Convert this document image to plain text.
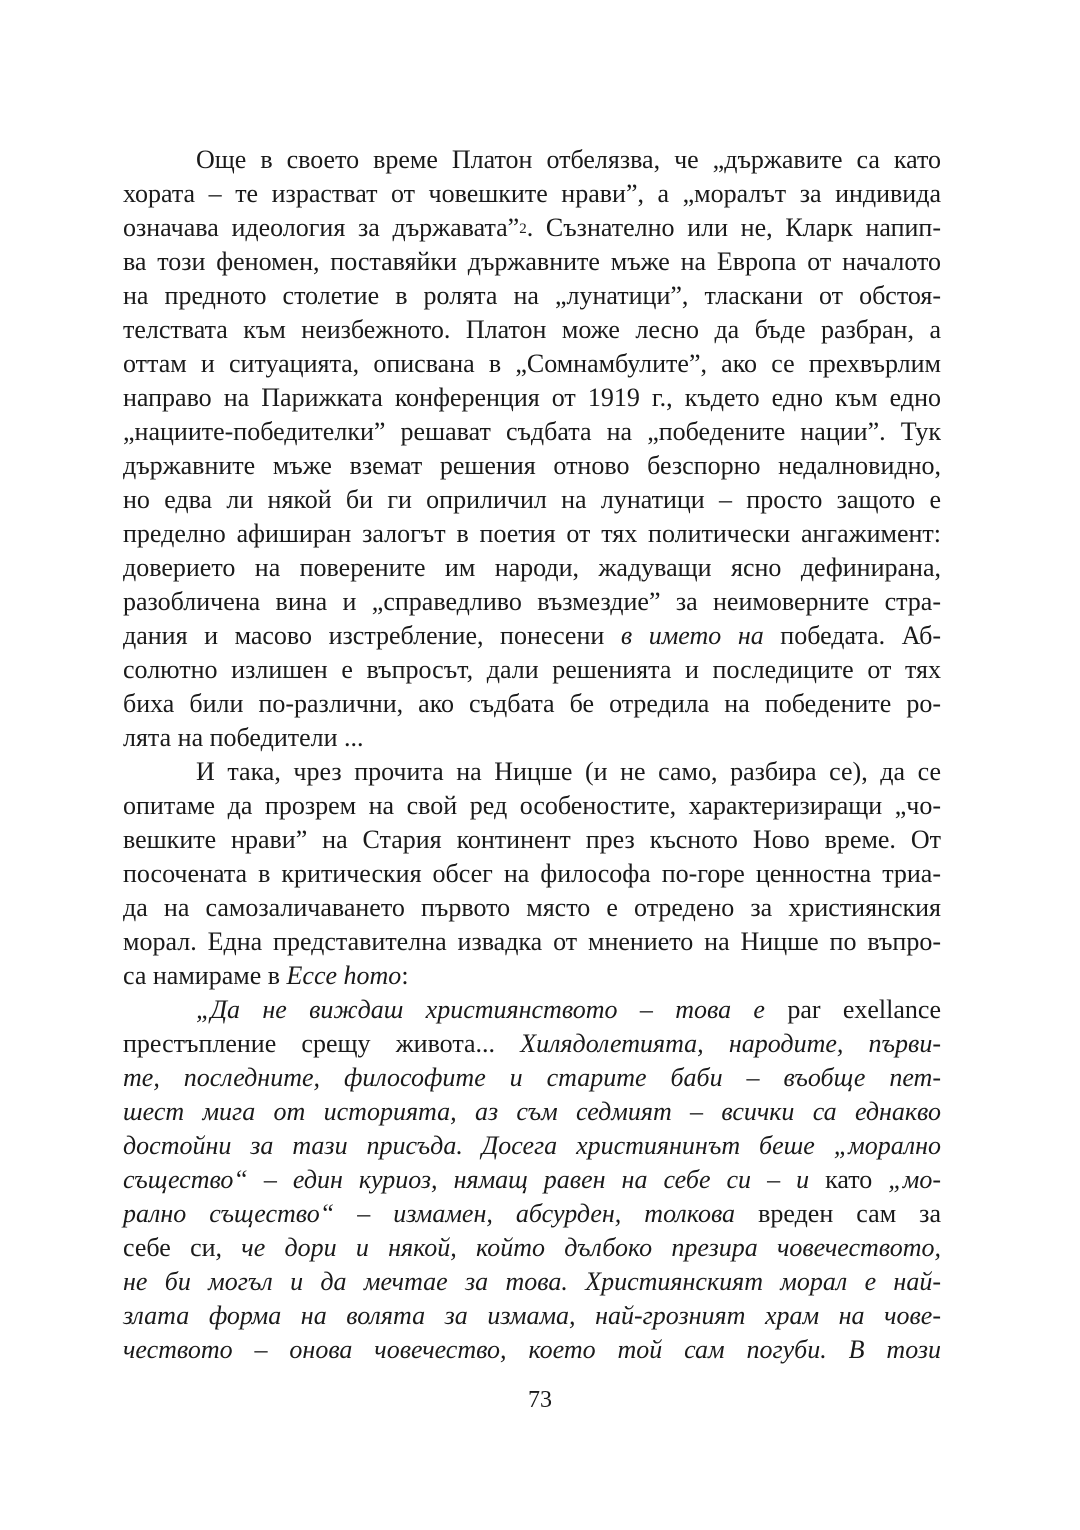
Още в своето време Платон отбелязва, че „държавите са като
хората – те израстват от човешките нрави”, а „моралът за индивида
означава идеология за държавата”$^2$. Съзнателно или не, Кларк напип-
ва този феномен, поставяйки държавните мъже на Европа от началото
на предното столетие в ролята на „лунатици”, тласкани от обстоя-
телствата към неизбежното. Платон може лесно да бъде разбран, а
оттам и ситуацията, описвана в „Сомнамбулите”, ако се прехвърлим
направо на Парижката конференция от 1919 г., където едно към едно
„нациите-победителки” решават съдбата на „победените нации”. Тук
държавните мъже вземат решения отново безспорно недалновидно,
но едва ли някой би ги оприличил на лунатици – просто защото е
пределно афиширан залогът в поетия от тях политически ангажимент:
доверието на поверените им народи, жадуващи ясно дефинирана,
разобличена вина и „справедливо възмездие” за неимоверните стра-
дания и масово изстребление, понесени в името на победата. Аб-
солютно излишен е въпросът, дали решенията и последиците от тях
биха били по-различни, ако съдбата бе отредила на победените ро-
лята на победители ...
И така, чрез прочита на Ницше (и не само, разбира се), да се
опитаме да прозрем на свой ред особеностите, характеризиращи „чо-
вешките нрави” на Стария континент през късното Ново време. От
посочената в критическия обсег на философа по-горе ценностна триа-
да на самозаличаването първото място е отредено за християнския
морал. Една представителна извадка от мнението на Ницше по въпро-
са намираме в Ecce homo:
„Да не виждаш християнството – това е par exellance
престъпление срещу живота... Хилядолетията, народите, първи-
те, последните, философите и старите баби – въобще пет-
шест мига от историята, аз съм седмият – всички са еднакво
достойни за тази присъда. Досега християнинът беше „морално
същество“ – един куриоз, нямащ равен на себе си – и като „мо-
рално същество“ – измамен, абсурден, толкова вреден сам за
себе си, че дори и някой, който дълбоко презира човечеството,
не би могъл и да мечтае за това. Християнският морал е най-
злата форма на волята за измама, най-грозният храм на чове-
чеството – онова човечество, което той сам погуби. В този
73
